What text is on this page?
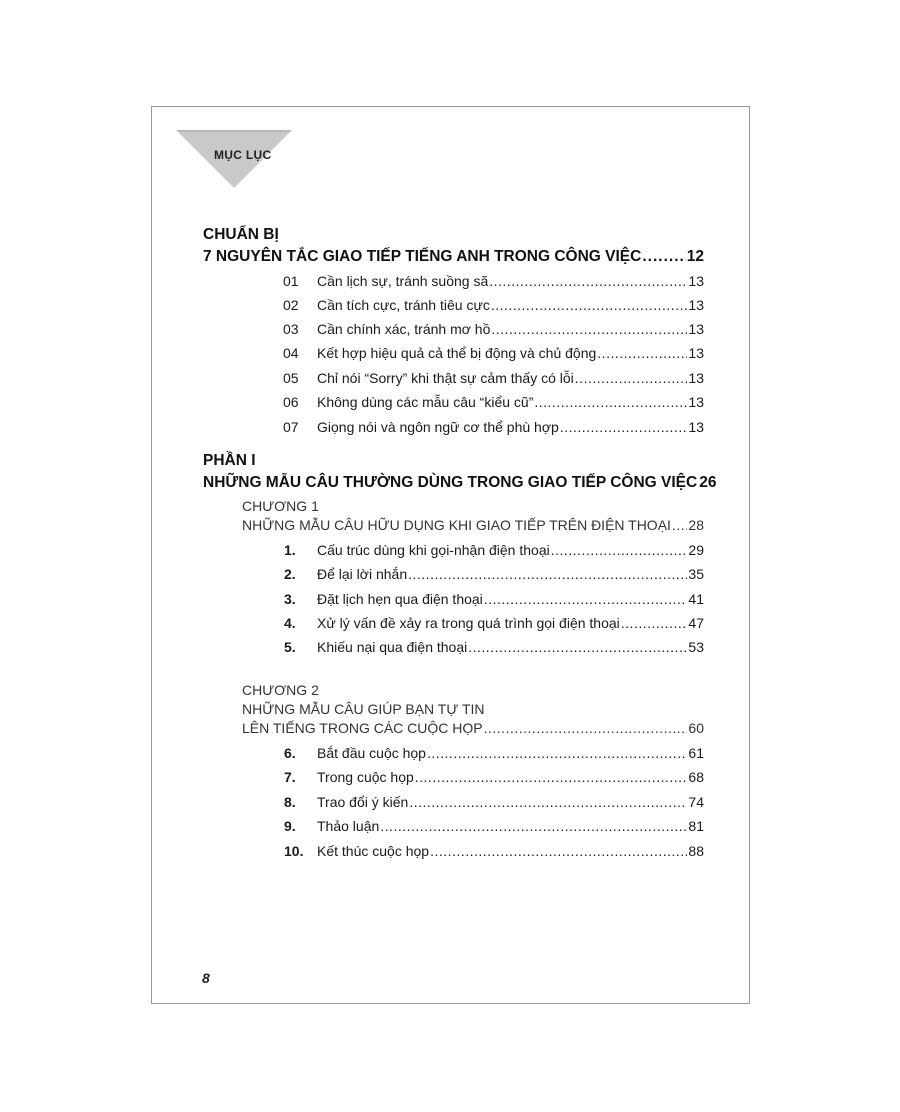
MỤC LỤC
CHUẨN BỊ
7 NGUYÊN TẮC GIAO TIẾP TIẾNG ANH TRONG CÔNG VIỆC .....	12
01	Cần lịch sự, tránh suồng sã .....	13
02	Cần tích cực, tránh tiêu cực .....	13
03	Cần chính xác, tránh mơ hồ .....	13
04	Kết hợp hiệu quả cả thể bị động và chủ động .....	13
05	Chỉ nói “Sorry” khi thật sự cảm thấy có lỗi .....	13
06	Không dùng các mẫu câu “kiểu cũ” .....	13
07	Giọng nói và ngôn ngữ cơ thể phù hợp .....	13
PHẦN I
NHỮNG MẪU CÂU THƯỜNG DÙNG TRONG GIAO TIẾP CÔNG VIỆC 26
CHƯƠNG 1
NHỮNG MẪU CÂU HỮU DỤNG KHI GIAO TIẾP TRÊN ĐIỆN THOẠI ..... 28
1.	Cấu trúc dùng khi gọi-nhận điện thoại .....	29
2.	Để lại lời nhắn .....	35
3.	Đặt lịch hẹn qua điện thoại .....	41
4.	Xử lý vấn đề xảy ra trong quá trình gọi điện thoại .....	47
5.	Khiếu nại qua điện thoại .....	53
CHƯƠNG 2
NHỮNG MẪU CÂU GIÚP BẠN TỰ TIN
LÊN TIẾNG TRONG CÁC CUỘC HỌP .....	60
6.	Bắt đầu cuộc họp .....	61
7.	Trong cuộc họp .....	68
8.	Trao đổi ý kiến .....	74
9.	Thảo luận .....	81
10. Kết thúc cuộc họp .....	88
8
